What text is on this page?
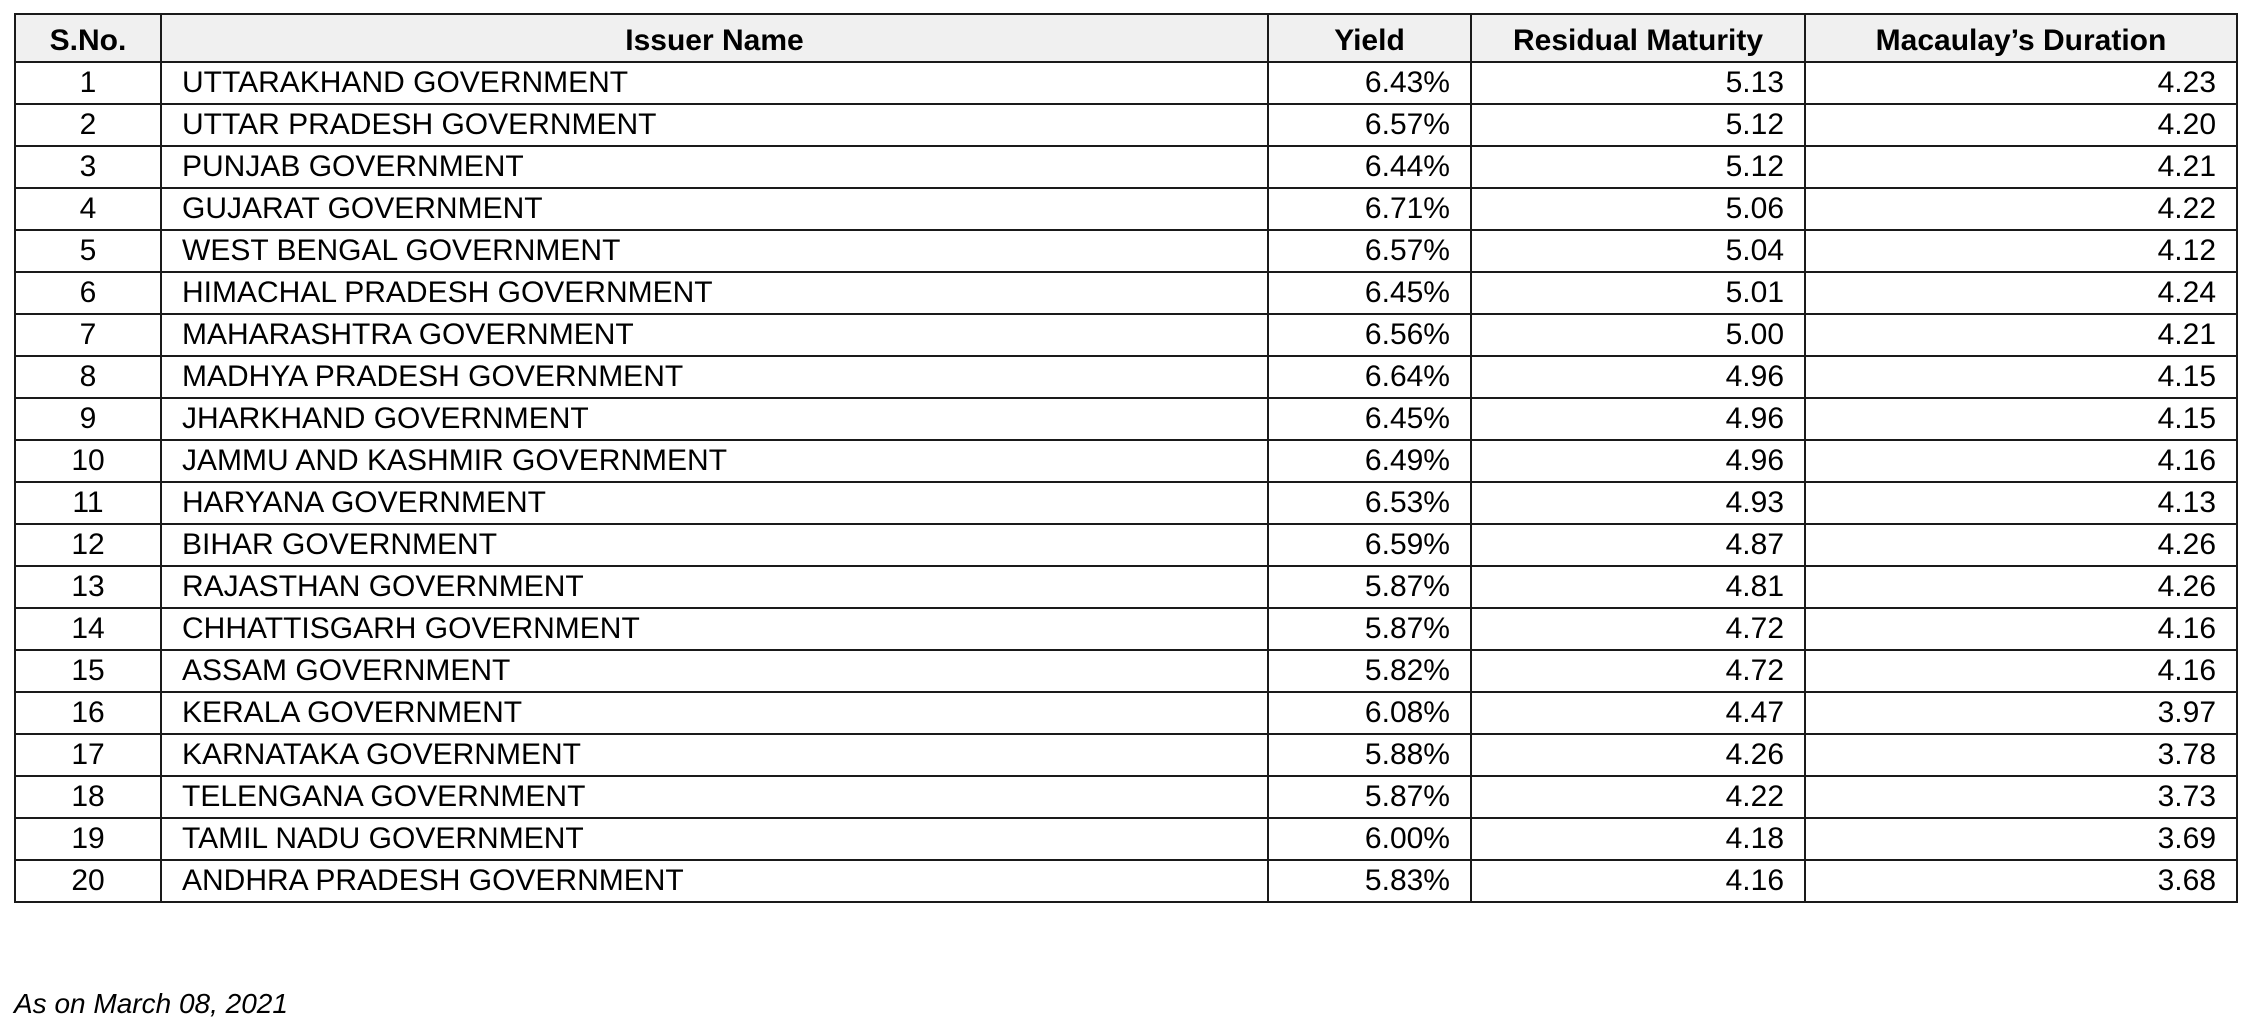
S.No.	Issuer Name	Yield	Residual Maturity	Macaulay’s Duration
1	UTTARAKHAND GOVERNMENT	6.43%	5.13	4.23
2	UTTAR PRADESH GOVERNMENT	6.57%	5.12	4.20
3	PUNJAB GOVERNMENT	6.44%	5.12	4.21
4	GUJARAT GOVERNMENT	6.71%	5.06	4.22
5	WEST BENGAL GOVERNMENT	6.57%	5.04	4.12
6	HIMACHAL PRADESH GOVERNMENT	6.45%	5.01	4.24
7	MAHARASHTRA GOVERNMENT	6.56%	5.00	4.21
8	MADHYA PRADESH GOVERNMENT	6.64%	4.96	4.15
9	JHARKHAND GOVERNMENT	6.45%	4.96	4.15
10	JAMMU AND KASHMIR GOVERNMENT	6.49%	4.96	4.16
11	HARYANA GOVERNMENT	6.53%	4.93	4.13
12	BIHAR GOVERNMENT	6.59%	4.87	4.26
13	RAJASTHAN GOVERNMENT	5.87%	4.81	4.26
14	CHHATTISGARH GOVERNMENT	5.87%	4.72	4.16
15	ASSAM GOVERNMENT	5.82%	4.72	4.16
16	KERALA GOVERNMENT	6.08%	4.47	3.97
17	KARNATAKA GOVERNMENT	5.88%	4.26	3.78
18	TELENGANA GOVERNMENT	5.87%	4.22	3.73
19	TAMIL NADU GOVERNMENT	6.00%	4.18	3.69
20	ANDHRA PRADESH GOVERNMENT	5.83%	4.16	3.68
As on March 08, 2021
